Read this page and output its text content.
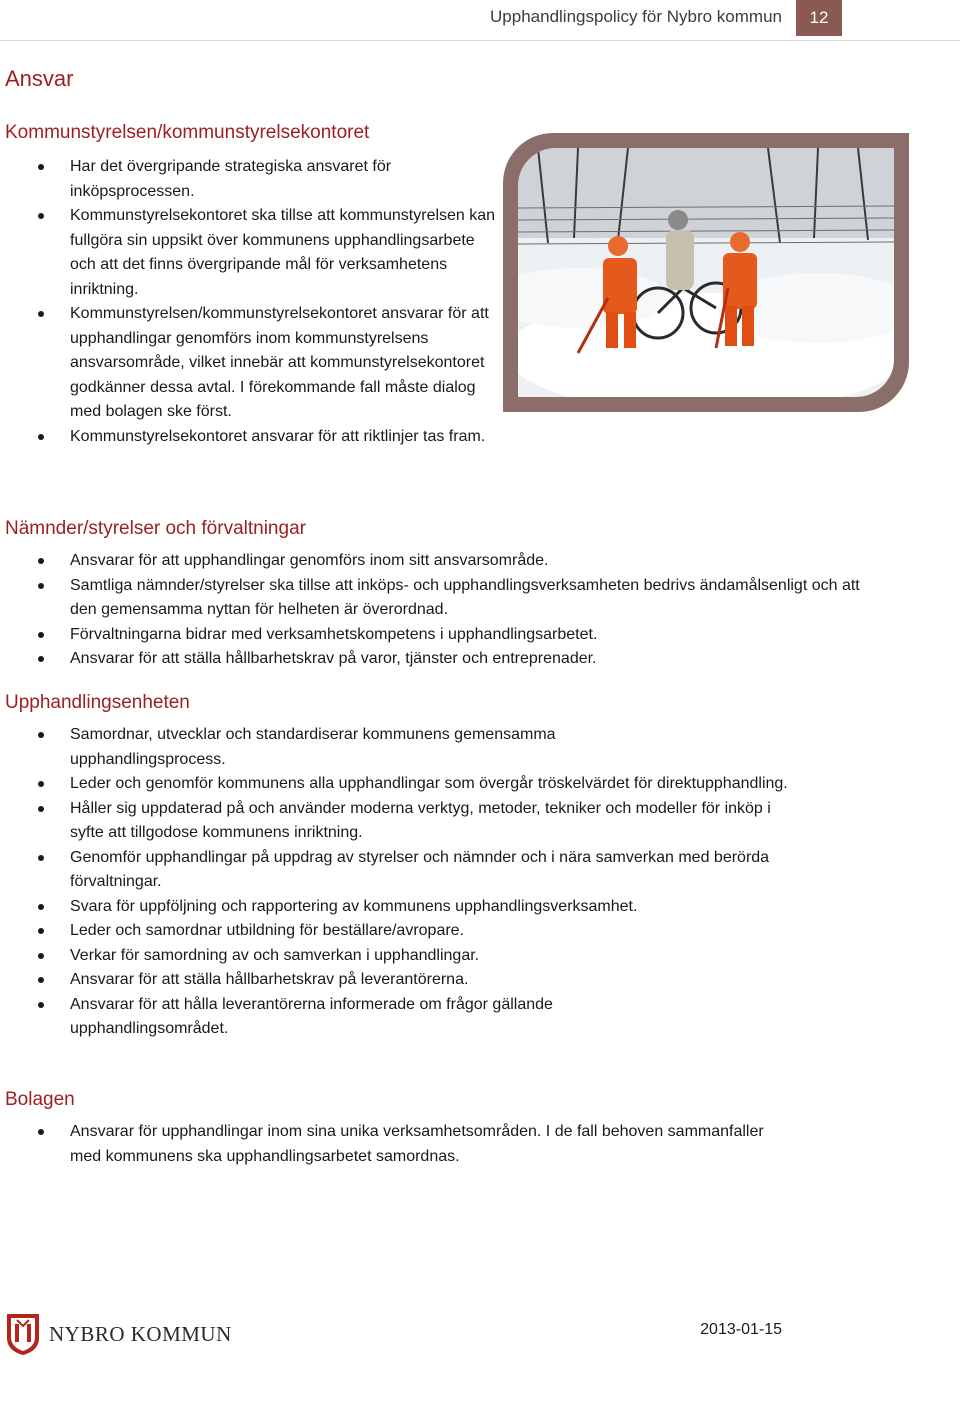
Upphandlingspolicy för Nybro kommun	12
Ansvar
Kommunstyrelsen/kommunstyrelsekontoret
Har det övergripande strategiska ansvaret för inköpsprocessen.
Kommunstyrelsekontoret ska tillse att kommunstyrelsen kan fullgöra sin uppsikt över kommunens upphandlingsarbete och att det finns övergripande mål för verksamhetens inriktning.
Kommunstyrelsen/kommunstyrelsekontoret ansvarar för att upphandlingar genomförs inom kommunstyrelsens ansvarsområde, vilket innebär att kommunstyrelsekontoret godkänner dessa avtal. I förekommande fall måste dialog med bolagen ske först.
Kommunstyrelsekontoret ansvarar för att riktlinjer tas fram.
Nämnder/styrelser och förvaltningar
Ansvarar för att upphandlingar genomförs inom sitt ansvarsområde.
Samtliga nämnder/styrelser ska tillse att inköps- och upphandlingsverksamheten bedrivs ändamålsenligt och att den gemensamma nyttan för helheten är överordnad.
Förvaltningarna bidrar med verksamhetskompetens i upphandlingsarbetet.
Ansvarar för att ställa hållbarhetskrav på varor, tjänster och entreprenader.
Upphandlingsenheten
Samordnar, utvecklar och standardiserar kommunens gemensamma upphandlingsprocess.
Leder och genomför kommunens alla upphandlingar som övergår tröskelvärdet för direktupphandling.
Håller sig uppdaterad på och använder moderna verktyg, metoder, tekniker och modeller för inköp i syfte att tillgodose kommunens inriktning.
Genomför upphandlingar på uppdrag av styrelser och nämnder och i nära samverkan med berörda förvaltningar.
Svara för uppföljning och rapportering av kommunens upphandlingsverksamhet.
Leder och samordnar utbildning för beställare/avropare.
Verkar för samordning av och samverkan i upphandlingar.
Ansvarar för att ställa hållbarhetskrav på leverantörerna.
Ansvarar för att hålla leverantörerna informerade om frågor gällande upphandlingsområdet.
Bolagen
Ansvarar för upphandlingar inom sina unika verksamhetsområden. I de fall behoven sammanfaller med kommunens ska upphandlingsarbetet samordnas.
NYBRO KOMMUN	2013-01-15
